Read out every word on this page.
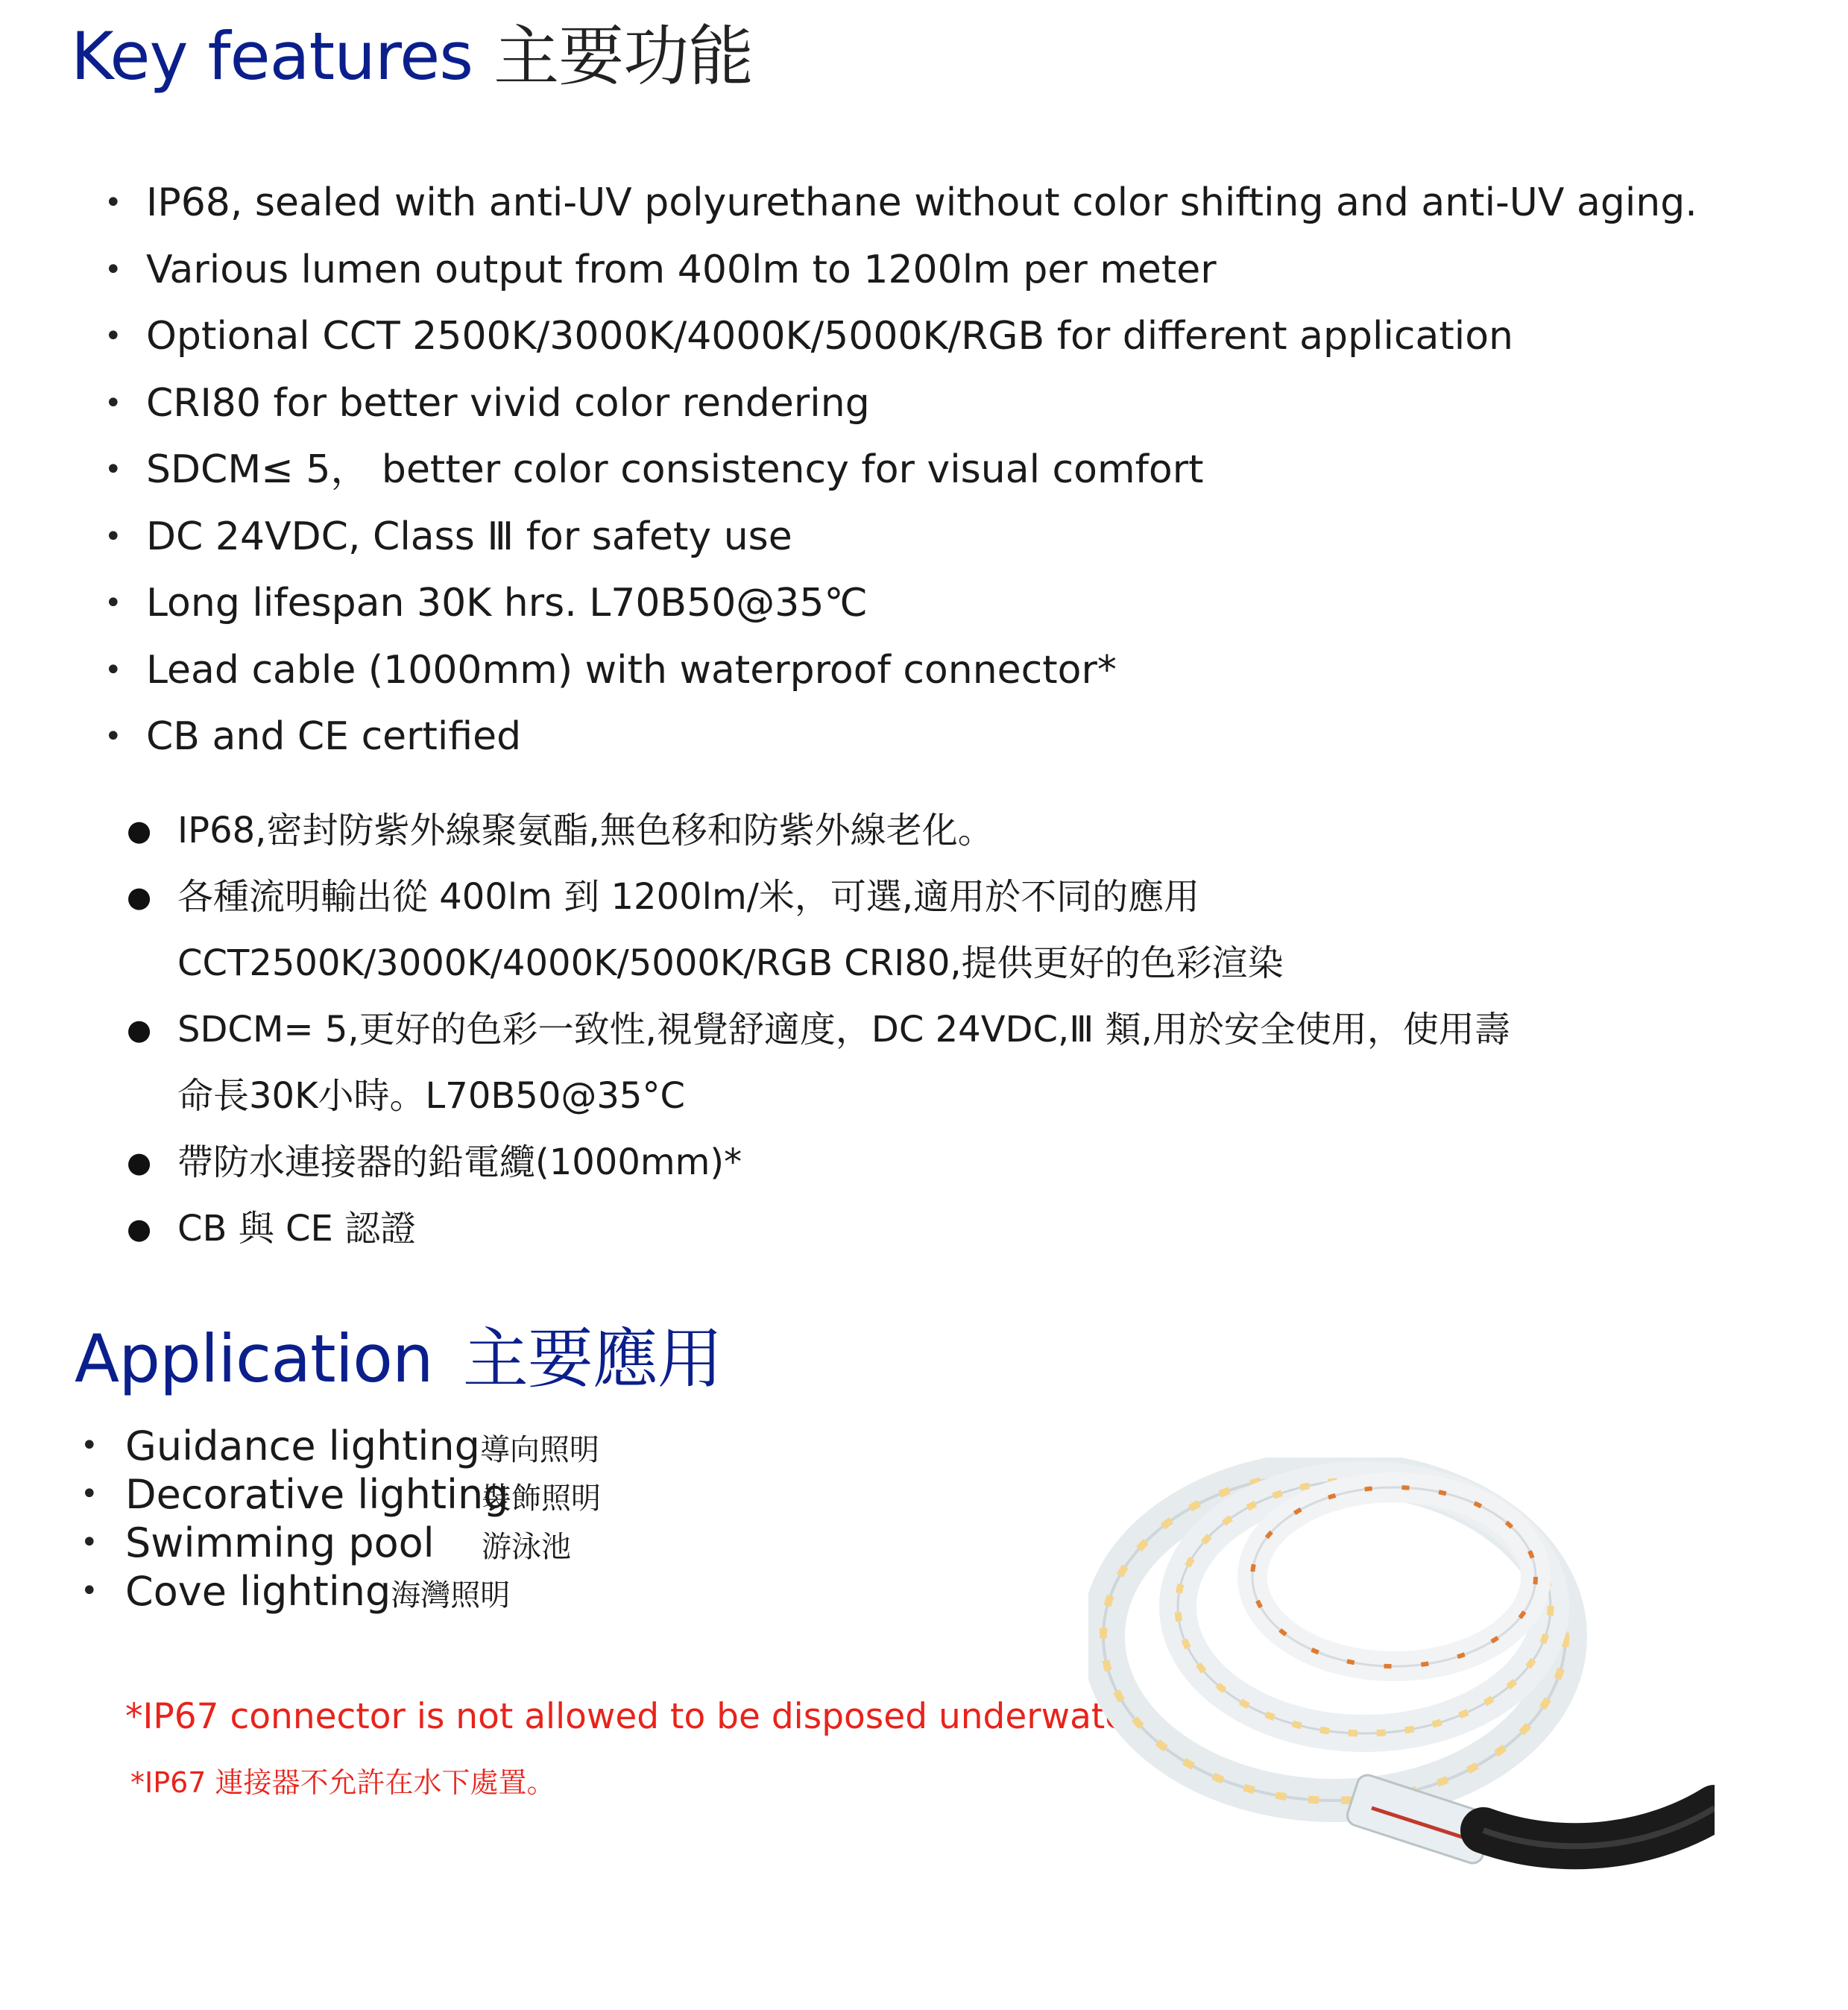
Key features 主要功能
• IP68, sealed with anti-UV polyurethane without color shifting and anti-UV aging.
• Various lumen output from 400lm to 1200lm per meter
• Optional CCT 2500K/3000K/4000K/5000K/RGB for different application
• CRI80 for better vivid color rendering
• SDCM≤ 5， better color consistency for visual comfort
• DC 24VDC, Class Ⅲ for safety use
• Long lifespan 30K hrs. L70B50@35℃
• Lead cable (1000mm) with waterproof connector*
• CB and CE certified
● IP68,密封防紫外線聚氨酯,無色移和防紫外線老化。
● 各種流明輸出從 400lm 到 1200lm/米，可選,適用於不同的應用
CCT2500K/3000K/4000K/5000K/RGB CRI80,提供更好的色彩渲染
● SDCM= 5,更好的色彩一致性,視覺舒適度，DC 24VDC,Ⅲ 類,用於安全使用，使用壽
命長30K小時。L70B50@35°C
● 帶防水連接器的鉛電纜(1000mm)*
● CB 與 CE 認證
Application 主要應用
• Guidance lighting導向照明
• Decorative lighting裝飾照明
• Swimming pool 游泳池
• Cove lighting海灣照明

*IP67 connector is not allowed to be disposed underwater.

*IP67 連接器不允許在水下處置。
